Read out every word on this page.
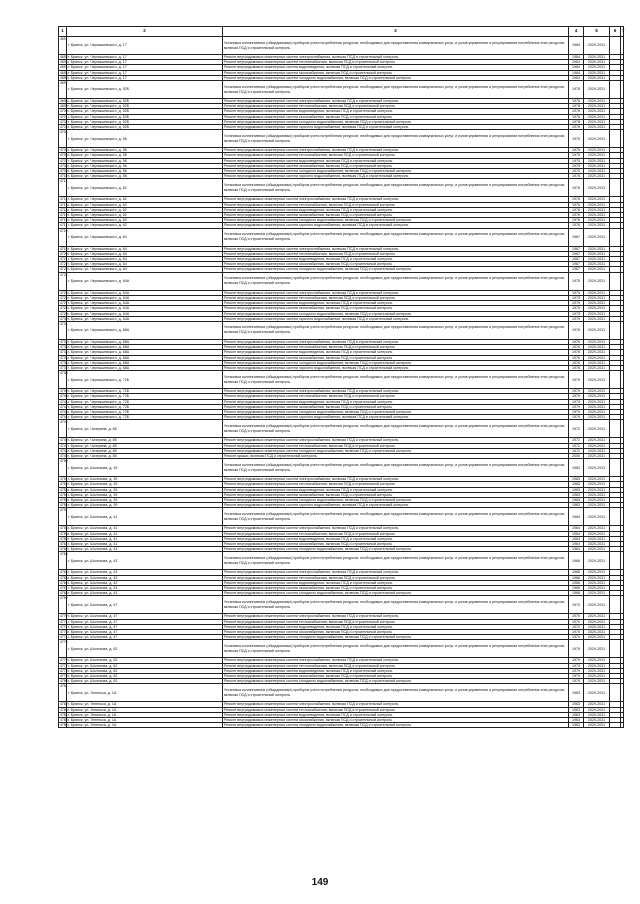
1	2	3	4	5	6	7
4691	г. Брянск, ул. Чернышевского, д. 17	Установка коллективных (общедомовых) приборов учета потребления ресурсов, необходимых для предоставления коммунальных услуг, и узлов управления и регулирования потребления этих ресурсов, включая ПСД и строительный контроль	1984	2029-2031		
4692	г. Брянск, ул. Чернышевского, д. 17	Ремонт внутридомовых инженерных систем электроснабжения, включая ПСД и строительный контроль	1984	2029-2031		
4693	г. Брянск, ул. Чернышевского, д. 17	Ремонт внутридомовых инженерных систем теплоснабжения, включая ПСД и строительный контроль	1984	2029-2031		
4694	г. Брянск, ул. Чернышевского, д. 17	Ремонт внутридомовых инженерных систем водоотведения, включая ПСД и строительный контроль	1984	2029-2031		
4695	г. Брянск, ул. Чернышевского, д. 17	Ремонт внутридомовых инженерных систем газоснабжения, включая ПСД и строительный контроль	1984	2029-2031		
4696	г. Брянск, ул. Чернышевского, д. 17	Ремонт внутридомовых инженерных систем холодного водоснабжения, включая ПСД и строительный контроль	1984	2029-2031		
4697	г. Брянск, ул. Чернышевского, д. 52Б	Установка коллективных (общедомовых) приборов учета потребления ресурсов, необходимых для предоставления коммунальных услуг, и узлов управления и регулирования потребления этих ресурсов, включая ПСД и строительный контроль	1978	2029-2031		
4698	г. Брянск, ул. Чернышевского, д. 52Б	Ремонт внутридомовых инженерных систем электроснабжения, включая ПСД и строительный контроль	1978	2029-2031		
4699	г. Брянск, ул. Чернышевского, д. 52Б	Ремонт внутридомовых инженерных систем теплоснабжения, включая ПСД и строительный контроль	1978	2029-2031		
4700	г. Брянск, ул. Чернышевского, д. 52Б	Ремонт внутридомовых инженерных систем водоотведения, включая ПСД и строительный контроль	1978	2029-2031		
4701	г. Брянск, ул. Чернышевского, д. 52Б	Ремонт внутридомовых инженерных систем газоснабжения, включая ПСД и строительный контроль	1978	2029-2031		
4702	г. Брянск, ул. Чернышевского, д. 52Б	Ремонт внутридомовых инженерных систем холодного водоснабжения, включая ПСД и строительный контроль	1978	2029-2031		
4703	г. Брянск, ул. Чернышевского, д. 52Б	Ремонт внутридомовых инженерных систем горячего водоснабжения, включая ПСД и строительный контроль	1978	2029-2031		
4704	г. Брянск, ул. Чернышевского, д. 56	Установка коллективных (общедомовых) приборов учета потребления ресурсов, необходимых для предоставления коммунальных услуг, и узлов управления и регулирования потребления этих ресурсов, включая ПСД и строительный контроль	1975	2029-2031		
4705	г. Брянск, ул. Чернышевского, д. 56	Ремонт внутридомовых инженерных систем электроснабжения, включая ПСД и строительный контроль	1975	2029-2031		
4706	г. Брянск, ул. Чернышевского, д. 56	Ремонт внутридомовых инженерных систем теплоснабжения, включая ПСД и строительный контроль	1975	2029-2031		
4707	г. Брянск, ул. Чернышевского, д. 56	Ремонт внутридомовых инженерных систем водоотведения, включая ПСД и строительный контроль	1975	2029-2031		
4708	г. Брянск, ул. Чернышевского, д. 56	Ремонт внутридомовых инженерных систем газоснабжения, включая ПСД и строительный контроль	1975	2029-2031		
4709	г. Брянск, ул. Чернышевского, д. 56	Ремонт внутридомовых инженерных систем холодного водоснабжения, включая ПСД и строительный контроль	1975	2029-2031		
4710	г. Брянск, ул. Чернышевского, д. 56	Ремонт внутридомовых инженерных систем горячего водоснабжения, включая ПСД и строительный контроль	1975	2029-2031		
4711	г. Брянск, ул. Чернышевского, д. 62	Установка коллективных (общедомовых) приборов учета потребления ресурсов, необходимых для предоставления коммунальных услуг, и узлов управления и регулирования потребления этих ресурсов, включая ПСД и строительный контроль	1976	2029-2031		
4712	г. Брянск, ул. Чернышевского, д. 62	Ремонт внутридомовых инженерных систем электроснабжения, включая ПСД и строительный контроль	1976	2029-2031		
4713	г. Брянск, ул. Чернышевского, д. 62	Ремонт внутридомовых инженерных систем теплоснабжения, включая ПСД и строительный контроль	1976	2029-2031		
4714	г. Брянск, ул. Чернышевского, д. 62	Ремонт внутридомовых инженерных систем водоотведения, включая ПСД и строительный контроль	1976	2029-2031		
4715	г. Брянск, ул. Чернышевского, д. 62	Ремонт внутридомовых инженерных систем газоснабжения, включая ПСД и строительный контроль	1976	2029-2031		
4716	г. Брянск, ул. Чернышевского, д. 62	Ремонт внутридомовых инженерных систем холодного водоснабжения, включая ПСД и строительный контроль	1976	2029-2031		
4717	г. Брянск, ул. Чернышевского, д. 62	Ремонт внутридомовых инженерных систем горячего водоснабжения, включая ПСД и строительный контроль	1976	2029-2031		
4718	г. Брянск, ул. Чернышевского, д. 64	Установка коллективных (общедомовых) приборов учета потребления ресурсов, необходимых для предоставления коммунальных услуг, и узлов управления и регулирования потребления этих ресурсов, включая ПСД и строительный контроль	1967	2029-2031		
4719	г. Брянск, ул. Чернышевского, д. 64	Ремонт внутридомовых инженерных систем электроснабжения, включая ПСД и строительный контроль	1967	2029-2031		
4720	г. Брянск, ул. Чернышевского, д. 64	Ремонт внутридомовых инженерных систем теплоснабжения, включая ПСД и строительный контроль	1967	2029-2031		
4721	г. Брянск, ул. Чернышевского, д. 64	Ремонт внутридомовых инженерных систем водоотведения, включая ПСД и строительный контроль	1967	2029-2031		
4722	г. Брянск, ул. Чернышевского, д. 64	Ремонт внутридомовых инженерных систем газоснабжения, включая ПСД и строительный контроль	1967	2029-2031		
4723	г. Брянск, ул. Чернышевского, д. 64	Ремонт внутридомовых инженерных систем холодного водоснабжения, включая ПСД и строительный контроль	1967	2029-2031		
4724	г. Брянск, ул. Чернышевского, д. 64А	Установка коллективных (общедомовых) приборов учета потребления ресурсов, необходимых для предоставления коммунальных услуг, и узлов управления и регулирования потребления этих ресурсов, включая ПСД и строительный контроль	1975	2029-2031		
4725	г. Брянск, ул. Чернышевского, д. 64А	Ремонт внутридомовых инженерных систем электроснабжения, включая ПСД и строительный контроль	1975	2029-2031		
4726	г. Брянск, ул. Чернышевского, д. 64А	Ремонт внутридомовых инженерных систем теплоснабжения, включая ПСД и строительный контроль	1975	2029-2031		
4727	г. Брянск, ул. Чернышевского, д. 64А	Ремонт внутридомовых инженерных систем водоотведения, включая ПСД и строительный контроль	1975	2029-2031		
4728	г. Брянск, ул. Чернышевского, д. 64А	Ремонт внутридомовых инженерных систем газоснабжения, включая ПСД и строительный контроль	1975	2029-2031		
4729	г. Брянск, ул. Чернышевского, д. 64А	Ремонт внутридомовых инженерных систем холодного водоснабжения, включая ПСД и строительный контроль	1975	2029-2031		
4730	г. Брянск, ул. Чернышевского, д. 64А	Ремонт внутридомовых инженерных систем горячего водоснабжения, включая ПСД и строительный контроль	1975	2029-2031		
4731	г. Брянск, ул. Чернышевского, д. 68А	Установка коллективных (общедомовых) приборов учета потребления ресурсов, необходимых для предоставления коммунальных услуг, и узлов управления и регулирования потребления этих ресурсов, включая ПСД и строительный контроль	1976	2029-2031		
4732	г. Брянск, ул. Чернышевского, д. 68А	Ремонт внутридомовых инженерных систем электроснабжения, включая ПСД и строительный контроль	1976	2029-2031		
4733	г. Брянск, ул. Чернышевского, д. 68А	Ремонт внутридомовых инженерных систем теплоснабжения, включая ПСД и строительный контроль	1976	2029-2031		
4734	г. Брянск, ул. Чернышевского, д. 68А	Ремонт внутридомовых инженерных систем водоотведения, включая ПСД и строительный контроль	1976	2029-2031		
4735	г. Брянск, ул. Чернышевского, д. 68А	Ремонт внутридомовых инженерных систем газоснабжения, включая ПСД и строительный контроль	1976	2029-2031		
4736	г. Брянск, ул. Чернышевского, д. 68А	Ремонт внутридомовых инженерных систем холодного водоснабжения, включая ПСД и строительный контроль	1976	2029-2031		
4737	г. Брянск, ул. Чернышевского, д. 68А	Ремонт внутридомовых инженерных систем горячего водоснабжения, включая ПСД и строительный контроль	1976	2029-2031		
4738	г. Брянск, ул. Чернышевского, д. 72Б	Установка коллективных (общедомовых) приборов учета потребления ресурсов, необходимых для предоставления коммунальных услуг, и узлов управления и регулирования потребления этих ресурсов, включая ПСД и строительный контроль	1979	2029-2031		
4739	г. Брянск, ул. Чернышевского, д. 72Б	Ремонт внутридомовых инженерных систем электроснабжения, включая ПСД и строительный контроль	1979	2029-2031		
4740	г. Брянск, ул. Чернышевского, д. 72Б	Ремонт внутридомовых инженерных систем теплоснабжения, включая ПСД и строительный контроль	1979	2029-2031		
4741	г. Брянск, ул. Чернышевского, д. 72Б	Ремонт внутридомовых инженерных систем водоотведения, включая ПСД и строительный контроль	1979	2029-2031		
4742	г. Брянск, ул. Чернышевского, д. 72Б	Ремонт внутридомовых инженерных систем газоснабжения, включая ПСД и строительный контроль	1979	2029-2031		
4743	г. Брянск, ул. Чернышевского, д. 72Б	Ремонт внутридомовых инженерных систем холодного водоснабжения, включая ПСД и строительный контроль	1979	2029-2031		
4744	г. Брянск, ул. Чернышевского, д. 72Б	Ремонт внутридомовых инженерных систем горячего водоснабжения, включая ПСД и строительный контроль	1979	2029-2031		
4745	г. Брянск, ул. Чичерина, д. 85	Установка коллективных (общедомовых) приборов учета потребления ресурсов, необходимых для предоставления коммунальных услуг, и узлов управления и регулирования потребления этих ресурсов, включая ПСД и строительный контроль	1972	2029-2031		
4746	г. Брянск, ул. Чичерина, д. 85	Ремонт внутридомовых инженерных систем электроснабжения, включая ПСД и строительный контроль	1972	2029-2031		
4747	г. Брянск, ул. Чичерина, д. 85	Ремонт внутридомовых инженерных систем теплоснабжения, включая ПСД и строительный контроль	1972	2029-2031		
4748	г. Брянск, ул. Чичерина, д. 85	Ремонт внутридомовых инженерных систем холодного водоснабжения, включая ПСД и строительный контроль	1972	2029-2031		
4749	г. Брянск, ул. Чичерина, д. 85	Ремонт крыши, включая ПСД и строительный контроль	2000	2029-2031		
4750	г. Брянск, ул. Шолохова, д. 39	Установка коллективных (общедомовых) приборов учета потребления ресурсов, необходимых для предоставления коммунальных услуг, и узлов управления и регулирования потребления этих ресурсов, включая ПСД и строительный контроль	1983	2029-2031		
4751	г. Брянск, ул. Шолохова, д. 39	Ремонт внутридомовых инженерных систем электроснабжения, включая ПСД и строительный контроль	1983	2029-2031		
4752	г. Брянск, ул. Шолохова, д. 39	Ремонт внутридомовых инженерных систем теплоснабжения, включая ПСД и строительный контроль	1983	2029-2031		
4753	г. Брянск, ул. Шолохова, д. 39	Ремонт внутридомовых инженерных систем водоотведения, включая ПСД и строительный контроль	1983	2029-2031		
4754	г. Брянск, ул. Шолохова, д. 39	Ремонт внутридомовых инженерных систем газоснабжения, включая ПСД и строительный контроль	1983	2029-2031		
4755	г. Брянск, ул. Шолохова, д. 39	Ремонт внутридомовых инженерных систем холодного водоснабжения, включая ПСД и строительный контроль	1983	2029-2031		
4756	г. Брянск, ул. Шолохова, д. 39	Ремонт внутридомовых инженерных систем горячего водоснабжения, включая ПСД и строительный контроль	1983	2029-2031		
4757	г. Брянск, ул. Шолохова, д. 41	Установка коллективных (общедомовых) приборов учета потребления ресурсов, необходимых для предоставления коммунальных услуг, и узлов управления и регулирования потребления этих ресурсов, включая ПСД и строительный контроль	1964	2029-2031		
4758	г. Брянск, ул. Шолохова, д. 41	Ремонт внутридомовых инженерных систем электроснабжения, включая ПСД и строительный контроль	1964	2029-2031		
4759	г. Брянск, ул. Шолохова, д. 41	Ремонт внутридомовых инженерных систем теплоснабжения, включая ПСД и строительный контроль	1964	2029-2031		
4760	г. Брянск, ул. Шолохова, д. 41	Ремонт внутридомовых инженерных систем водоотведения, включая ПСД и строительный контроль	1964	2029-2031		
4761	г. Брянск, ул. Шолохова, д. 41	Ремонт внутридомовых инженерных систем газоснабжения, включая ПСД и строительный контроль	1964	2029-2031		
4762	г. Брянск, ул. Шолохова, д. 41	Ремонт внутридомовых инженерных систем холодного водоснабжения, включая ПСД и строительный контроль	1964	2029-2031		
4763	г. Брянск, ул. Шолохова, д. 43	Установка коллективных (общедомовых) приборов учета потребления ресурсов, необходимых для предоставления коммунальных услуг, и узлов управления и регулирования потребления этих ресурсов, включая ПСД и строительный контроль	1966	2029-2031		
4764	г. Брянск, ул. Шолохова, д. 43	Ремонт внутридомовых инженерных систем электроснабжения, включая ПСД и строительный контроль	1966	2029-2031		
4765	г. Брянск, ул. Шолохова, д. 43	Ремонт внутридомовых инженерных систем теплоснабжения, включая ПСД и строительный контроль	1966	2029-2031		
4766	г. Брянск, ул. Шолохова, д. 43	Ремонт внутридомовых инженерных систем водоотведения, включая ПСД и строительный контроль	1966	2029-2031		
4767	г. Брянск, ул. Шолохова, д. 43	Ремонт внутридомовых инженерных систем газоснабжения, включая ПСД и строительный контроль	1966	2029-2031		
4768	г. Брянск, ул. Шолохова, д. 43	Ремонт внутридомовых инженерных систем холодного водоснабжения, включая ПСД и строительный контроль	1966	2029-2031		
4769	г. Брянск, ул. Шолохова, д. 47	Установка коллективных (общедомовых) приборов учета потребления ресурсов, необходимых для предоставления коммунальных услуг, и узлов управления и регулирования потребления этих ресурсов, включая ПСД и строительный контроль	1970	2029-2031		
4770	г. Брянск, ул. Шолохова, д. 47	Ремонт внутридомовых инженерных систем электроснабжения, включая ПСД и строительный контроль	1970	2029-2031		
4771	г. Брянск, ул. Шолохова, д. 47	Ремонт внутридомовых инженерных систем теплоснабжения, включая ПСД и строительный контроль	1970	2029-2031		
4772	г. Брянск, ул. Шолохова, д. 47	Ремонт внутридомовых инженерных систем водоотведения, включая ПСД и строительный контроль	1970	2029-2031		
4773	г. Брянск, ул. Шолохова, д. 47	Ремонт внутридомовых инженерных систем газоснабжения, включая ПСД и строительный контроль	1970	2029-2031		
4774	г. Брянск, ул. Шолохова, д. 47	Ремонт внутридомовых инженерных систем холодного водоснабжения, включая ПСД и строительный контроль	1970	2029-2031		
4775	г. Брянск, ул. Шолохова, д. 62	Установка коллективных (общедомовых) приборов учета потребления ресурсов, необходимых для предоставления коммунальных услуг, и узлов управления и регулирования потребления этих ресурсов, включая ПСД и строительный контроль	1979	2029-2031		
4776	г. Брянск, ул. Шолохова, д. 62	Ремонт внутридомовых инженерных систем электроснабжения, включая ПСД и строительный контроль	1979	2029-2031		
4777	г. Брянск, ул. Шолохова, д. 62	Ремонт внутридомовых инженерных систем теплоснабжения, включая ПСД и строительный контроль	1979	2029-2031		
4778	г. Брянск, ул. Шолохова, д. 62	Ремонт внутридомовых инженерных систем водоотведения, включая ПСД и строительный контроль	1979	2029-2031		
4779	г. Брянск, ул. Шолохова, д. 62	Ремонт внутридомовых инженерных систем газоснабжения, включая ПСД и строительный контроль	1979	2029-2031		
4780	г. Брянск, ул. Шолохова, д. 62	Ремонт внутридомовых инженерных систем холодного водоснабжения, включая ПСД и строительный контроль	1979	2029-2031		
4781	г. Брянск, ул. Энгельса, д. 1А	Установка коллективных (общедомовых) приборов учета потребления ресурсов, необходимых для предоставления коммунальных услуг, и узлов управления и регулирования потребления этих ресурсов, включая ПСД и строительный контроль	1963	2029-2031		
4782	г. Брянск, ул. Энгельса, д. 1А	Ремонт внутридомовых инженерных систем электроснабжения, включая ПСД и строительный контроль	1963	2029-2031		
4783	г. Брянск, ул. Энгельса, д. 1А	Ремонт внутридомовых инженерных систем теплоснабжения, включая ПСД и строительный контроль	1963	2029-2031		
4784	г. Брянск, ул. Энгельса, д. 1А	Ремонт внутридомовых инженерных систем водоотведения, включая ПСД и строительный контроль	1963	2029-2031		
4785	г. Брянск, ул. Энгельса, д. 1А	Ремонт внутридомовых инженерных систем газоснабжения, включая ПСД и строительный контроль	1963	2029-2031		
4786	г. Брянск, ул. Энгельса, д. 1А	Ремонт внутридомовых инженерных систем холодного водоснабжения, включая ПСД и строительный контроль	1963	2029-2031		
149
